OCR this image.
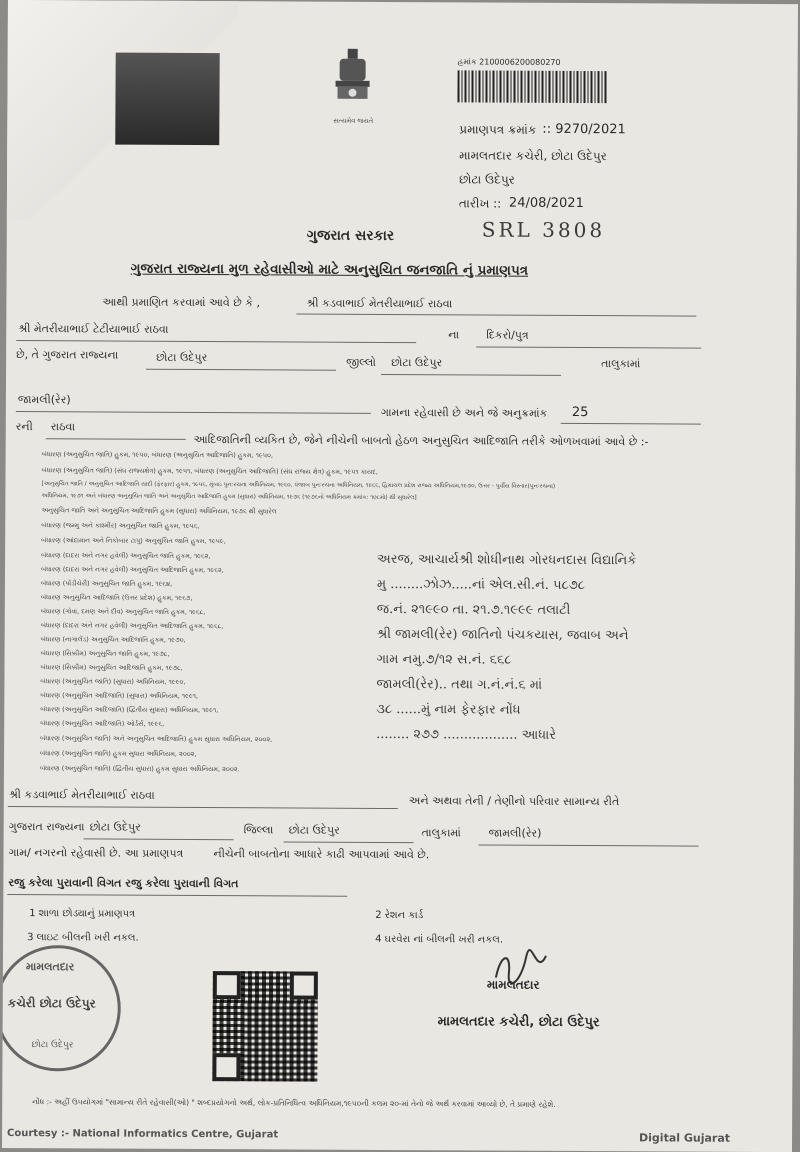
સત્યમેવ જયતે
હ્રમાંક 2100006200080270
પ્રમાણપત્ર ક્રમાંક :: 9270/2021
મામલતદાર કચેરી, છોટા ઉદેપુર
છોટા ઉદેપુર
તારીખ :: 24/08/2021
SRL 3808
ગુજરાત સરકાર
ગુજરાત રાજ્યના મુળ રહેવાસીઓ માટે અનુસુચિત જનજાતિ નું પ્રમાણપત્ર
આથી પ્રમાણિત કરવામાં આવે છે કે ,	શ્રી કડવાભાઈ મેતરીયાભાઈ રાઠવા
શ્રી મેતરીયાભાઈ ટેટીયાભાઈ રાઠવા	ના દિકરો/પુત્ર
છે, તે ગુજરાત રાજ્યના	છોટા ઉદેપુર	જીલ્લો છોટા ઉદેપુર	તાલુકામાં
જામલી(રેર)
ગામના રહેવાસી છે અને જે અનુક્રમાંક 25
રની રાઠવા
આદિજાતિની વ્યકિત છે, જેને નીચેની બાબતો હેઠળ અનુસુચિત આદિજાતિ તરીકે ઓળખવામાં આવે છે :-
બંધારણ (અનુસુચિત જાતિ) હુકમ, ૧૯૫૦, બંધારણ (અનુસુચિત આદિજાતિ) હુકમ, ૧૯૫૦,
બંધારણ (અનુસુચિત જાતિ) (સંઘ રાજ્યક્ષેત્ર) હુકમ, ૧૯૫૧, બંધારણ (અનુસુચિત આદિજાતિ) (સંઘ રાજ્ય ક્ષેત્ર) હુકમ, ૧૯૫૧ કાયદ,
[અનુસુચિત જાતિ / અનુસુચિત આદિજાતિ યાદી (ફેરફાર) હુકમ, ૧૯૫૬, મુંબઇ પુનઃરચના અધિનિયમ, ૧૯૬૦, પંજાબ પુનઃરચના અધિનિયમ, ૧૯૬૬, હિમાચલ પ્રદેશ રાજ્ય અધિનિયમ,૧૯૭૦, ઉત્તર - પુર્વીય વિસ્તાર(પુનઃરચના)
અધિનિયમ, ૧૯૭૧ અને બંધારણ અનુસુચિત જાતિ અને અનુસુચિત આદિજાતિ હુકમ (સુધારા) અધિનિયમ, ૧૯૭૬ (૧૯૭૬નો અધિનિયમ ક્રમાંક: ૧૦૮મો) થી સુધારેલ]
અનુસુચિત જાતિ અને અનુસુચિત આદિજાતિ હુકમ (સુધારા) અધિનિયમ, ૧૯૭૬ થી સુધારેલ
બંધારણ (જમ્મુ અને કાશ્મીર) અનુસુચિત જાતિ હુકમ, ૧૯૫૬,
બંધારણ (આંદામાન અને નિકોબાર ટાપુ) અનુસુચિત જાતિ હુકમ, ૧૯૫૯,
બંધારણ (દાદરા અને નગર હવેલી) અનુસુચિત જાતિ હુકમ, ૧૯૬૨,
બંધારણ (દાદરા અને નગર હવેલી) અનુસુચિત આદિજાતિ હુકમ, ૧૯૬૨,
બંધારણ (પોંડીચેરી) અનુસુચિત જાતિ હુકમ, ૧૯૬૪,
બંધારણ અનુસુચિત આદિજાતિ (ઉત્તર પ્રદેશ) હુકમ, ૧૯૬૭,
બંધારણ (ગોવા, દમણ અને દીવ) અનુસુચિત જાતિ હુકમ, ૧૯૬૮,
બંધારણ (દાદરા અને નગર હવેલી) અનુસુચિત આદિજાતિ હુકમ, ૧૯૬૮,
બંધારણ (નાગાલેંડ) અનુસુચિત આદિજાતિ હુકમ, ૧૯૭૦,
બંધારણ (સિક્કીમ) અનુસુચિત જાતિ હુકમ, ૧૯૭૮,
બંધારણ (સિક્કીમ) અનુસુચિત આદિજાતિ હુકમ, ૧૯૭૮,
બંધારણ (અનુસુચિત જાતિ) (સુધારા) અધિનિયમ, ૧૯૯૦,
બંધારણ (અનુસુચિત આદિજાતિ) (સુધારા) અધિનિયમ, ૧૯૯૧,
બંધારણ (અનુસુચિત આદિજાતિ) (દ્વિતીય સુધારા) અધિનિયમ, ૧૯૯૧,
બંધારણ (અનુસુચિત આદિજાતિ) ઓર્ડર્સ, ૧૯૯૬,
બંધારણ (અનુસુચિત જાતિ) અને અનુસુચિત આદિજાતિ) હુકમ સુધારા અધિનિયમ, ૨૦૦૨,
બંધારણ (અનુસુચિત જાતિ) હુકમ સુધારા અધિનિયમ, ૨૦૦૨,
બંધારણ (અનુસુચિત જાતિ) (દ્વિતીય સુધારા) હુકમ સુધારા અધિનિયમ, ૨૦૦૨.
અરજ, આચાર્યશ્રી શોધીનાથ ગોરધનદાસ વિદ્યાનિકે
મુ ........ઝોઝ.....નાં એલ.સી.નં. ૫૮૭૮
જ.નં. ૨૧૯૯૦ તા. ૨૧.૭.૧૯૯૯ તલાટી
શ્રી જામલી(રેર) જાતિનો પંચકયાસ, જવાબ અને
ગામ નમુ.૭/૧૨ સ.નં. ૬૬૮
જામલી(રેર).. તથા ગ.નં.નં.૬ માં
૩૮ ......મું નામ ફેરફાર નોંધ
........ ૨૭૭ .................. આધારે
શ્રી કડવાભાઈ મેતરીયાભાઈ રાઠવા	અને અથવા તેની / તેણીનો પરિવાર સામાન્ય રીતે
ગુજરાત રાજ્યના છોટા ઉદેપુર	જિલ્લા છોટા ઉદેપુર	તાલુકામાં	જામલી(રેર)
ગામ/ નગરનો રહેવાસી છે. આ પ્રમાણપત્ર	નીચેની બાબતોના આધારે કાઢી આપવામાં આવે છે.
રજુ કરેલા પુરાવાની વિગત રજુ કરેલા પુરાવાની વિગત
1 શાળા છોડ્યાનું પ્રમાણપત્ર	2 રેશન કાર્ડ
3 લાઇટ બીલની ખરી નકલ.	4 ઘરવેરા નાં બીલની ખરી નકલ.
મામલતદાર
કચેરી છોટા ઉદેપુર
છોટા ઉદેપુર
મામલતદાર
મામલતદાર કચેરી, છોટા ઉદેપુર
નોંધ :- અહીં ઉપયોગમાં "સામાન્ય રીતે રહેવાસી(ઓ) " શબ્દપ્રયોગનો અર્થ, લોક-પ્રતિનિધિત્વ અધિનિયમ,૧૯૫૦ની કલમ ૨૦-માં તેનો જે અર્થ કરવામાં આવ્યો છે, તે પ્રમાણે રહેશે.
Courtesy :- National Informatics Centre, Gujarat	Digital Gujarat
